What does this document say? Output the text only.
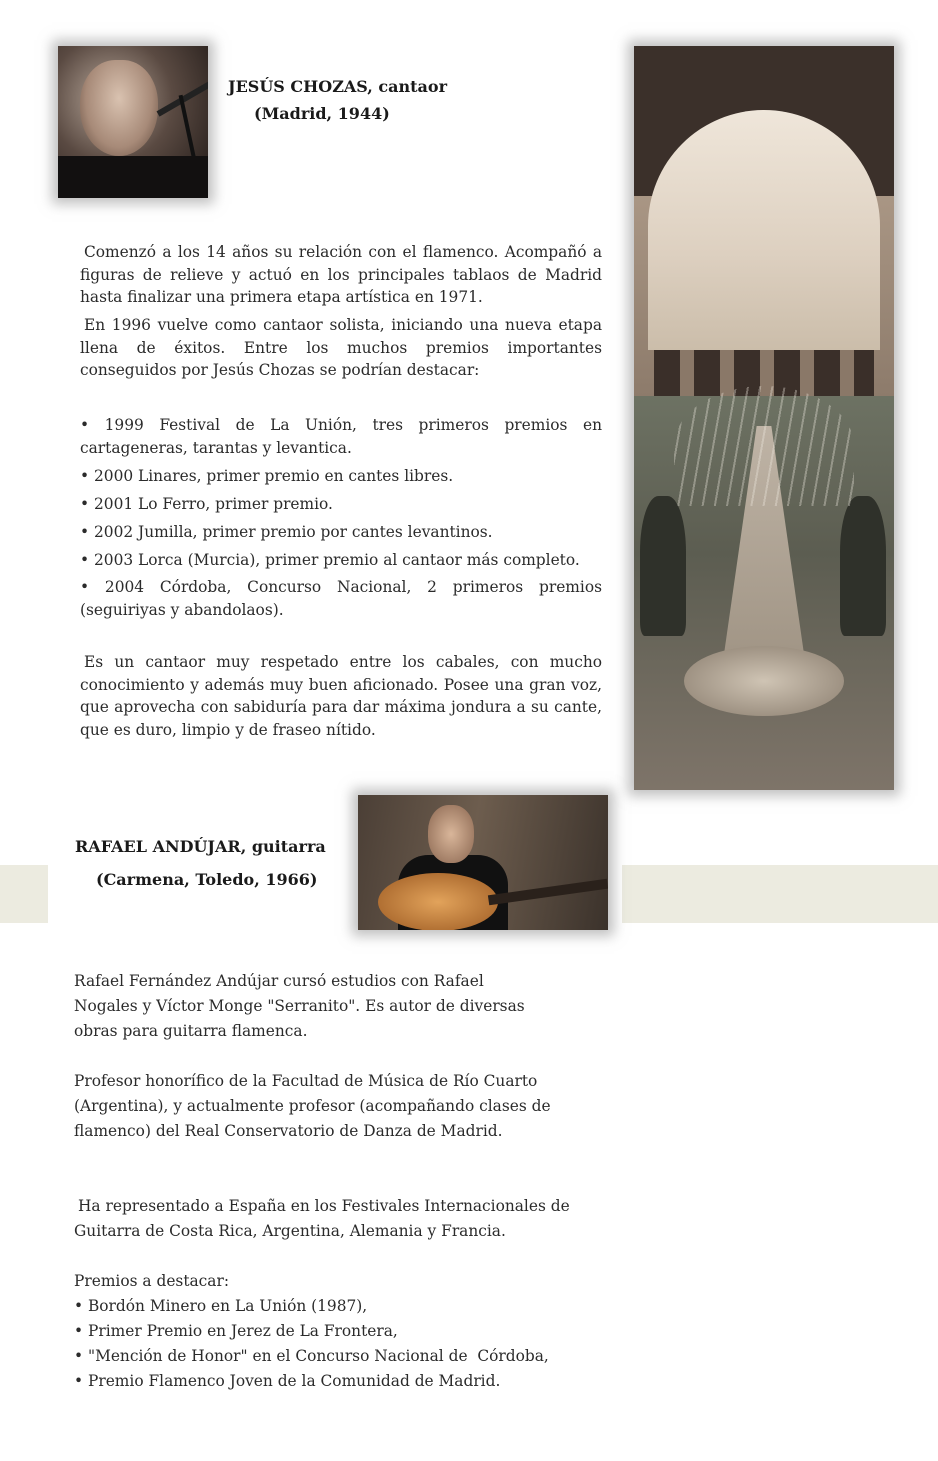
JESÚS CHOZAS, cantaor
(Madrid, 1944)

Comenzó a los 14 años su relación con el flamenco. Acompañó a figuras de relieve y actuó en los principales tablaos de Madrid hasta finalizar una primera etapa artística en 1971.

En 1996 vuelve como cantaor solista, iniciando una nueva etapa llena de éxitos. Entre los muchos premios importantes conseguidos por Jesús Chozas se podrían destacar:

• 1999 Festival de La Unión, tres primeros premios en cartageneras, tarantas y levantica.
• 2000 Linares, primer premio en cantes libres.
• 2001 Lo Ferro, primer premio.
• 2002 Jumilla, primer premio por cantes levantinos.
• 2003 Lorca (Murcia), primer premio al cantaor más completo.
• 2004 Córdoba, Concurso Nacional, 2 primeros premios (seguiriyas y abandolaos).

Es un cantaor muy respetado entre los cabales, con mucho conocimiento y además muy buen aficionado. Posee una gran voz, que aprovecha con sabiduría para dar máxima jondura a su cante, que es duro, limpio y de fraseo nítido.

RAFAEL ANDÚJAR, guitarra
(Carmena, Toledo, 1966)

Rafael Fernández Andújar cursó estudios con Rafael Nogales y Víctor Monge "Serranito". Es autor de diversas obras para guitarra flamenca.

Profesor honorífico de la Facultad de Música de Río Cuarto (Argentina), y actualmente profesor (acompañando clases de flamenco) del Real Conservatorio de Danza de Madrid.

Ha representado a España en los Festivales Internacionales de Guitarra de Costa Rica, Argentina, Alemania y Francia.

Premios a destacar:

• Bordón Minero en La Unión (1987),
• Primer Premio en Jerez de La Frontera,
• "Mención de Honor" en el Concurso Nacional de  Córdoba,
• Premio Flamenco Joven de la Comunidad de Madrid.
